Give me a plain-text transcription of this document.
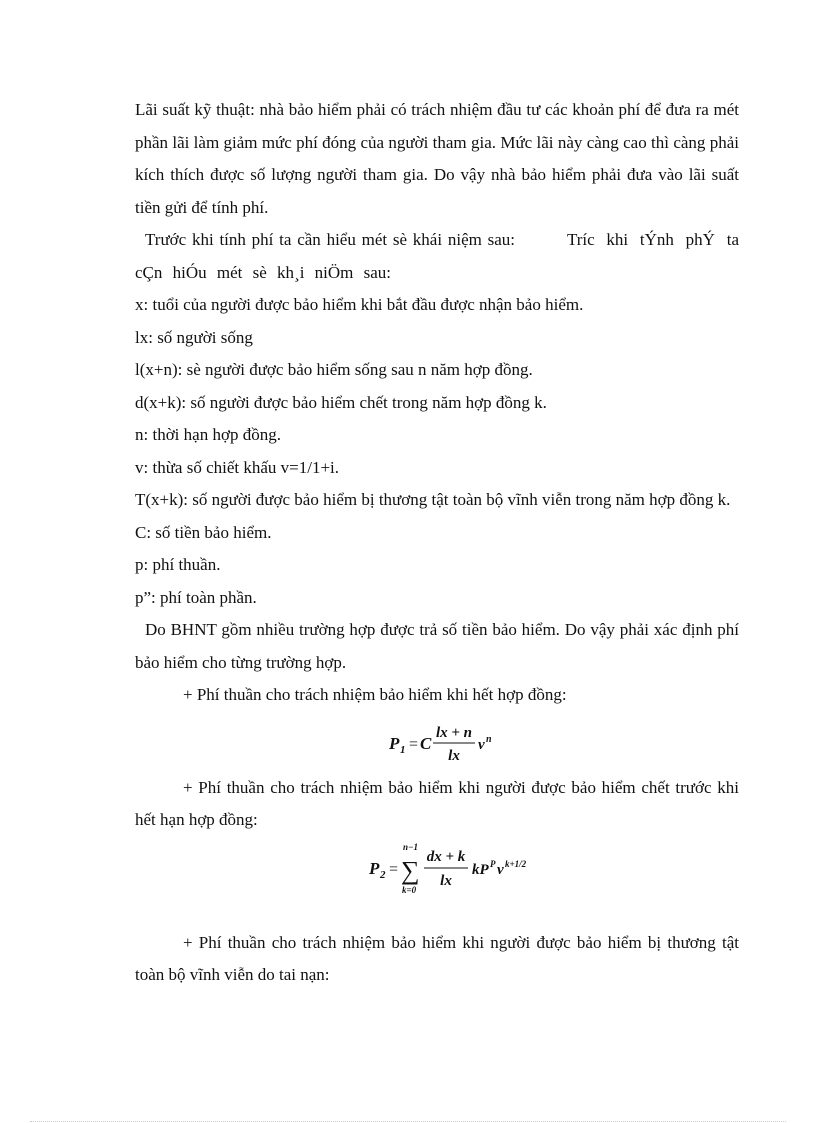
Lãi suất kỹ thuật: nhà bảo hiểm phải có trách nhiệm đầu tư các khoản phí để đưa ra mét phần lãi làm giảm mức phí đóng của người tham gia. Mức lãi này càng cao thì càng phải kích thích được số lượng người tham gia. Do vậy nhà bảo hiểm phải đưa vào lãi suất tiền gửi để tính phí.

Trước khi tính phí ta cần hiểu mét sè khái niệm sau:	Tríc khi tÝnh phÝ ta cÇn hiÓu mét sè kh¸i niÖm sau:

x: tuổi của người được bảo hiểm khi bắt đầu được nhận bảo hiểm.

lx: số người sống

l(x+n): sè người được bảo hiểm sống sau n năm hợp đồng.

d(x+k): số người được bảo hiểm chết trong năm hợp đồng k.

n: thời hạn hợp đồng.

v: thừa số chiết khấu v=1/1+i.

T(x+k): số người được bảo hiểm bị thương tật toàn bộ vĩnh viễn trong năm hợp đồng k.

C: số tiền bảo hiểm.

p: phí thuần.

p”: phí toàn phần.

Do BHNT gồm nhiều trường hợp được trả số tiền bảo hiểm. Do vậy phải xác định phí bảo hiểm cho từng trường hợp.

+ Phí thuần cho trách nhiệm bảo hiểm khi hết hợp đồng:

P 1 = C
lx + n
lx
v n

+ Phí thuần cho trách nhiệm bảo hiểm khi người được bảo hiểm chết trước khi hết hạn hợp đồng:

P 2 =
n−1
∑
k=0
dx + k
lx
kP P v k+1/2

+ Phí thuần cho trách nhiệm bảo hiểm khi người được bảo hiểm bị thương tật toàn bộ vĩnh viễn do tai nạn:
